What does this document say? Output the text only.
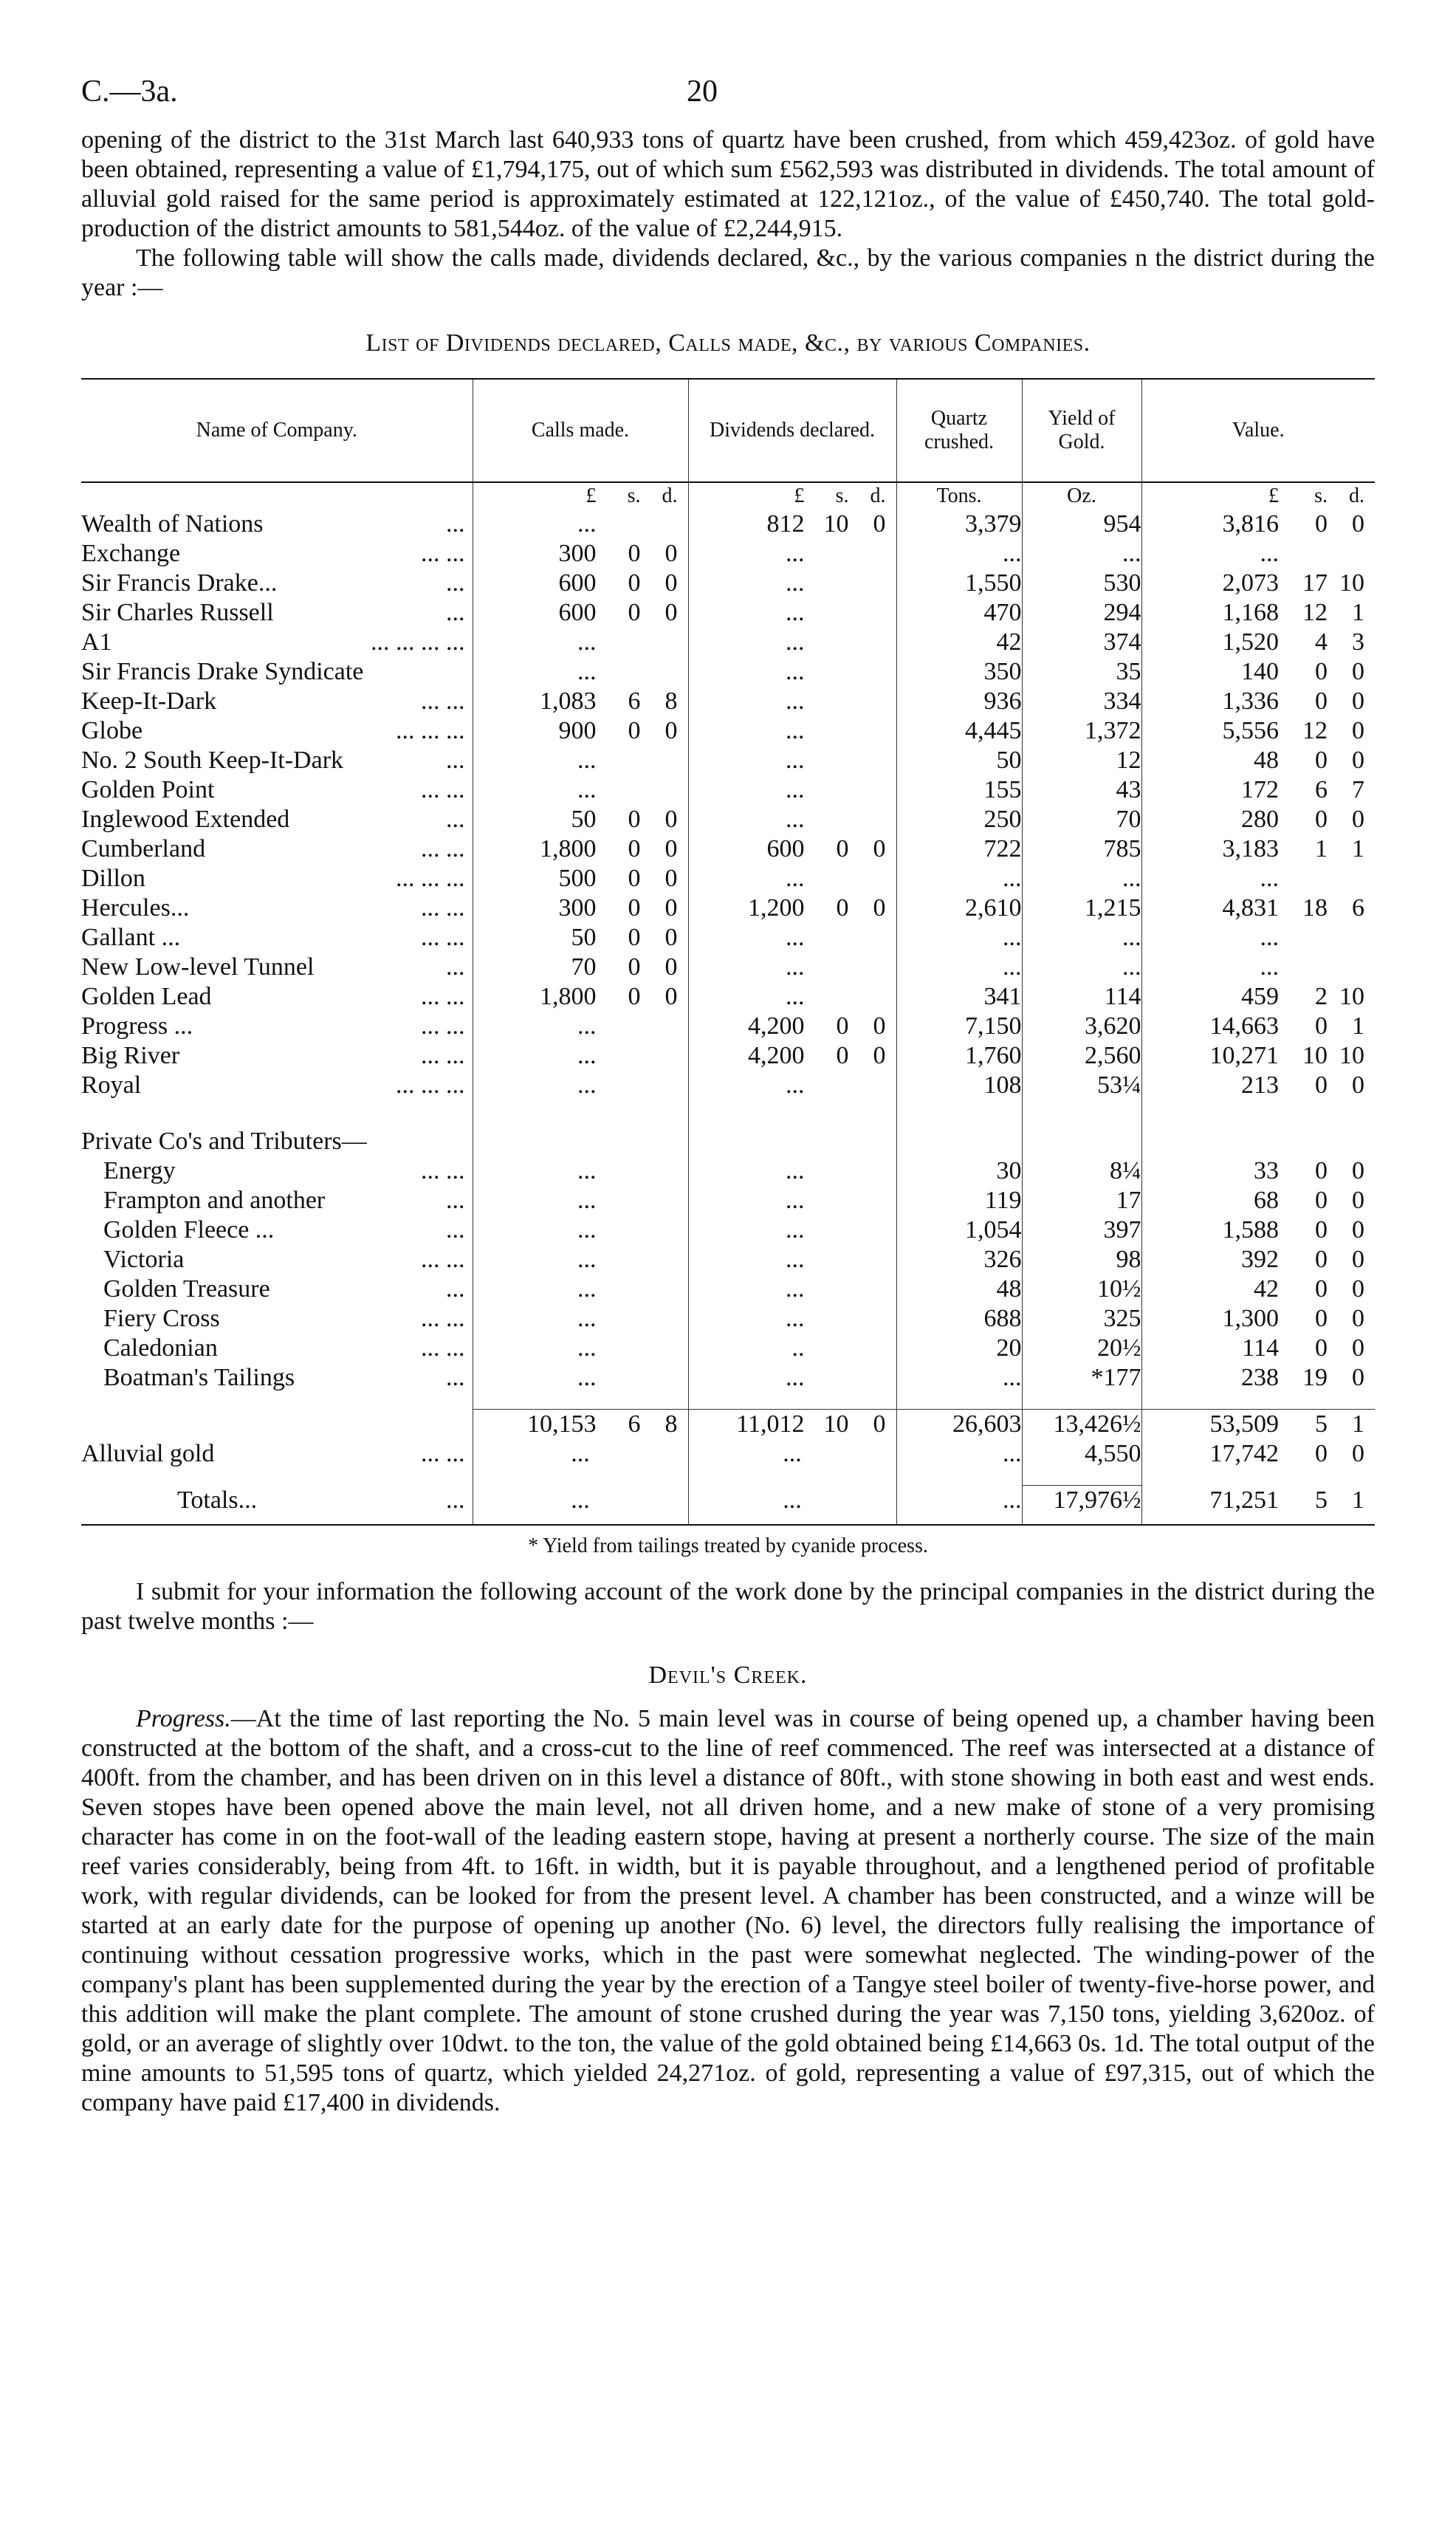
C.—3a.	20

opening of the district to the 31st March last 640,933 tons of quartz have been crushed, from which 459,423oz. of gold have been obtained, representing a value of £1,794,175, out of which sum £562,593 was distributed in dividends. The total amount of alluvial gold raised for the same period is approximately estimated at 122,121oz., of the value of £450,740. The total gold-production of the district amounts to 581,544oz. of the value of £2,244,915.

The following table will show the calls made, dividends declared, &c., by the various companies n the district during the year :—

List of Dividends declared, Calls made, &c., by various Companies.
Name of Company.	Calls made.	Dividends declared.	Quartz crushed.	Yield of Gold.	Value.

	£ s. d.	£ s. d.	Tons.	Oz.	£ s. d.

...
Wealth of Nations	...	812 10 0	3,379	954	3,816 0 0

... ...
Exchange	300 0 0	...	...	...	...

...
Sir Francis Drake...	600 0 0	...	1,550	530	2,073 17 10

...
Sir Charles Russell	600 0 0	...	470	294	1,168 12 1

... ... ... ...
A1	...	...	42	374	1,520 4 3

Sir Francis Drake Syndicate	...	...	350	35	140 0 0

... ...
Keep-It-Dark	1,083 6 8	...	936	334	1,336 0 0

... ... ...
Globe	900 0 0	...	4,445	1,372	5,556 12 0

...
No. 2 South Keep-It-Dark	...	...	50	12	48 0 0

... ...
Golden Point	...	...	155	43	172 6 7

...
Inglewood Extended	50 0 0	...	250	70	280 0 0

... ...
Cumberland	1,800 0 0	600 0 0	722	785	3,183 1 1

... ... ...
Dillon	500 0 0	...	...	...	...

... ...
Hercules...	300 0 0	1,200 0 0	2,610	1,215	4,831 18 6

... ...
Gallant ...	50 0 0	...	...	...	...

...
New Low-level Tunnel	70 0 0	...	...	...	...

... ...
Golden Lead	1,800 0 0	...	341	114	459 2 10

... ...
Progress ...	...	4,200 0 0	7,150	3,620	14,663 0 1

... ...
Big River	...	4,200 0 0	1,760	2,560	10,271 10 10

... ... ...
Royal	...	...	108	53¼	213 0 0

Private Co's and Tributers—					

... ...
Energy	...	...	30	8¼	33 0 0

...
Frampton and another	...	...	119	17	68 0 0

...
Golden Fleece ...	...	...	1,054	397	1,588 0 0

... ...
Victoria	...	...	326	98	392 0 0

...
Golden Treasure	...	...	48	10½	42 0 0

... ...
Fiery Cross	...	...	688	325	1,300 0 0

... ...
Caledonian	...	..	20	20½	114 0 0

...
Boatman's Tailings	...	...	...	*177	238 19 0

	10,153 6 8	11,012 10 0	26,603	13,426½	53,509 5 1

... ...
Alluvial gold	...	...	...	4,550	17,742 0 0

...
Totals...	...	...	...	17,976½	71,251 5 1

* Yield from tailings treated by cyanide process.

I submit for your information the following account of the work done by the principal companies in the district during the past twelve months :—

Devil's Creek.

Progress.—At the time of last reporting the No. 5 main level was in course of being opened up, a chamber having been constructed at the bottom of the shaft, and a cross-cut to the line of reef commenced. The reef was intersected at a distance of 400ft. from the chamber, and has been driven on in this level a distance of 80ft., with stone showing in both east and west ends. Seven stopes have been opened above the main level, not all driven home, and a new make of stone of a very promising character has come in on the foot-wall of the leading eastern stope, having at present a northerly course. The size of the main reef varies considerably, being from 4ft. to 16ft. in width, but it is payable throughout, and a lengthened period of profitable work, with regular dividends, can be looked for from the present level. A chamber has been constructed, and a winze will be started at an early date for the purpose of opening up another (No. 6) level, the directors fully realising the importance of continuing without cessation progressive works, which in the past were somewhat neglected. The winding-power of the company's plant has been supplemented during the year by the erection of a Tangye steel boiler of twenty-five-horse power, and this addition will make the plant complete. The amount of stone crushed during the year was 7,150 tons, yielding 3,620oz. of gold, or an average of slightly over 10dwt. to the ton, the value of the gold obtained being £14,663 0s. 1d. The total output of the mine amounts to 51,595 tons of quartz, which yielded 24,271oz. of gold, representing a value of £97,315, out of which the company have paid £17,400 in dividends.
